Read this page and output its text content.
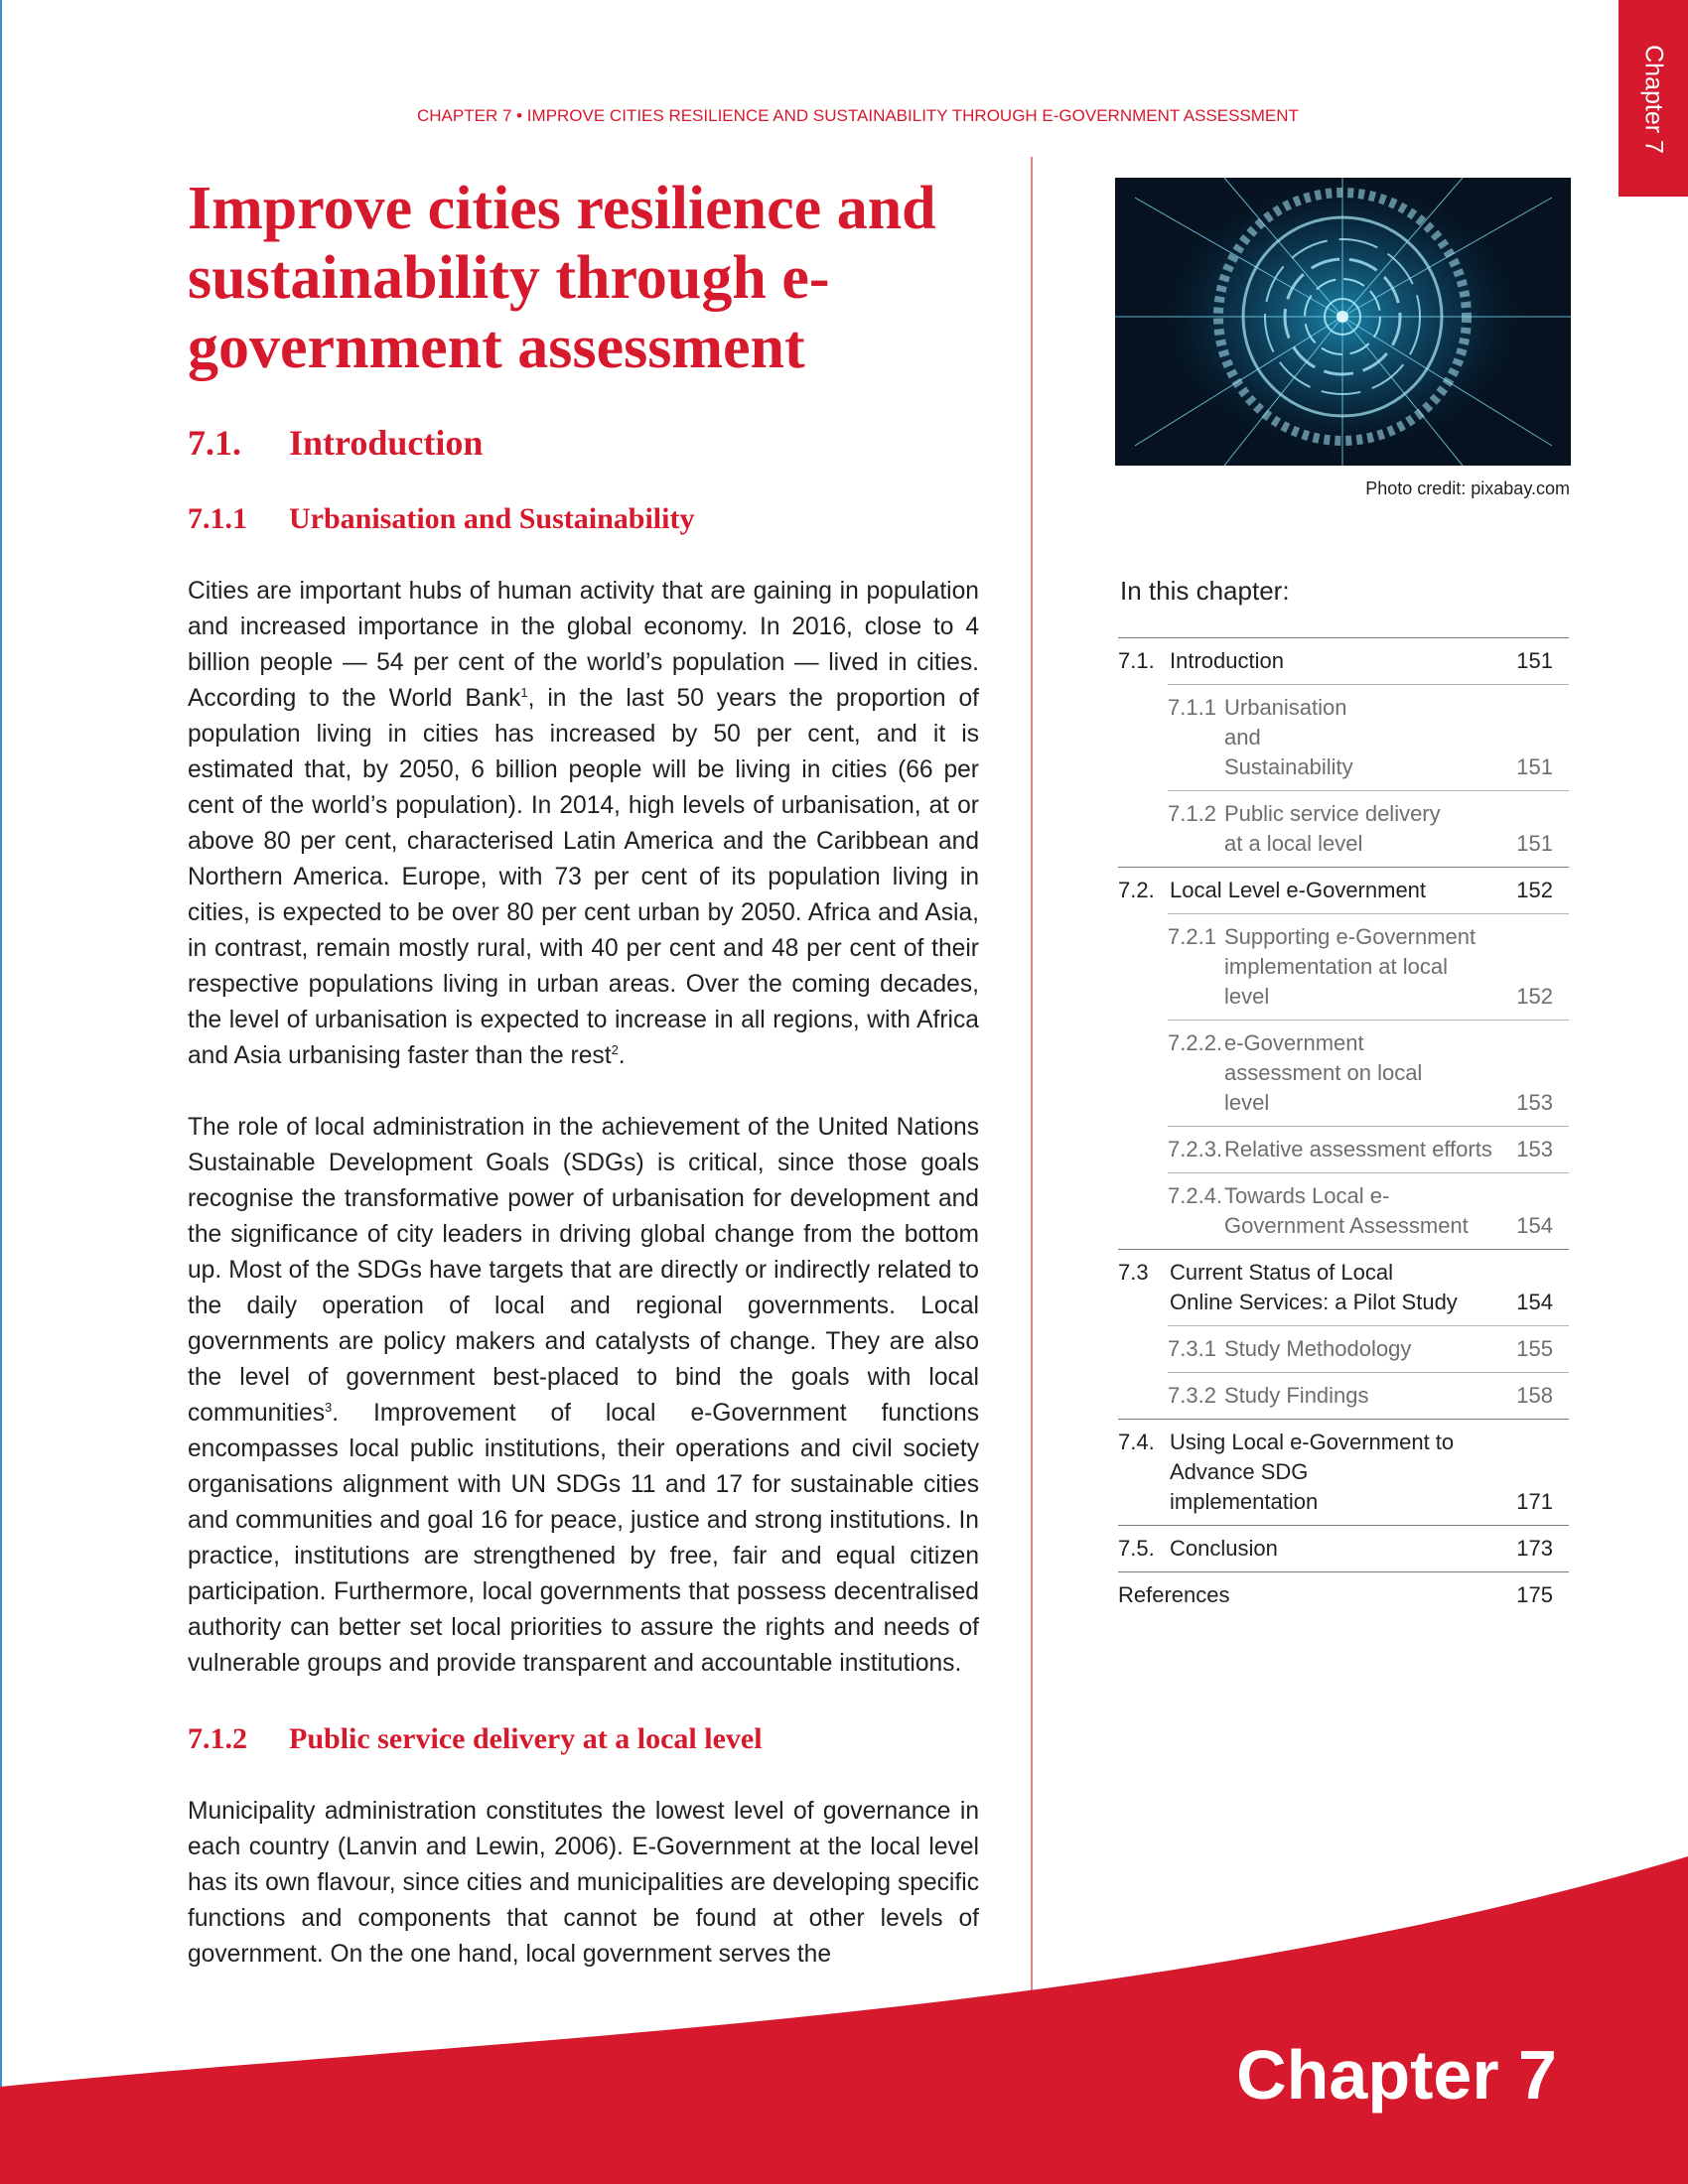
Chapter 7
CHAPTER 7 • IMPROVE CITIES RESILIENCE AND SUSTAINABILITY THROUGH E-GOVERNMENT ASSESSMENT
Improve cities resilience and sustainability through e-government assessment
7.1. Introduction
7.1.1 Urbanisation and Sustainability

Cities are important hubs of human activity that are gaining in population and increased importance in the global economy. In 2016, close to 4 billion people — 54 per cent of the world’s population — lived in cities. According to the World Bank$^1$, in the last 50 years the proportion of population living in cities has increased by 50 per cent, and it is estimated that, by 2050, 6 billion people will be living in cities (66 per cent of the world’s population). In 2014, high levels of urbanisation, at or above 80 per cent, characterised Latin America and the Caribbean and Northern America. Europe, with 73 per cent of its population living in cities, is expected to be over 80 per cent urban by 2050. Africa and Asia, in contrast, remain mostly rural, with 40 per cent and 48 per cent of their respective populations living in urban areas. Over the coming decades, the level of urbanisation is expected to increase in all regions, with Africa and Asia urbanising faster than the rest$^2$.

The role of local administration in the achievement of the United Nations Sustainable Development Goals (SDGs) is critical, since those goals recognise the transformative power of urbanisation for development and the significance of city leaders in driving global change from the bottom up. Most of the SDGs have targets that are directly or indirectly related to the daily operation of local and regional governments. Local governments are policy makers and catalysts of change. They are also the level of government best-placed to bind the goals with local communities$^3$. Improvement of local e-Government functions encompasses local public institutions, their operations and civil society organisations alignment with UN SDGs 11 and 17 for sustainable cities and communities and goal 16 for peace, justice and strong institutions. In practice, institutions are strengthened by free, fair and equal citizen participation. Furthermore, local governments that possess decentralised authority can better set local priorities to assure the rights and needs of vulnerable groups and provide transparent and accountable institutions.

7.1.2 Public service delivery at a local level

Municipality administration constitutes the lowest level of governance in each country (Lanvin and Lewin, 2006). E-Government at the local level has its own flavour, since cities and municipalities are developing specific functions and components that cannot be found at other levels of government. On the one hand, local government serves the

Photo credit: pixabay.com
In this chapter:
7.1. Introduction	151
7.1.1 Urbanisation and Sustainability	151
7.1.2 Public service delivery at a local level	151
7.2. Local Level e-Government	152
7.2.1 Supporting e-Government implementation at local level	152
7.2.2. e-Government assessment on local level	153
7.2.3. Relative assessment efforts 153
7.2.4. Towards Local e-Government Assessment	154
7.3 Current Status of Local Online Services: a Pilot Study	154
7.3.1 Study Methodology	155
7.3.2 Study Findings	158
7.4. Using Local e-Government to Advance SDG implementation	171
7.5. Conclusion	173
References	175
Chapter 7
